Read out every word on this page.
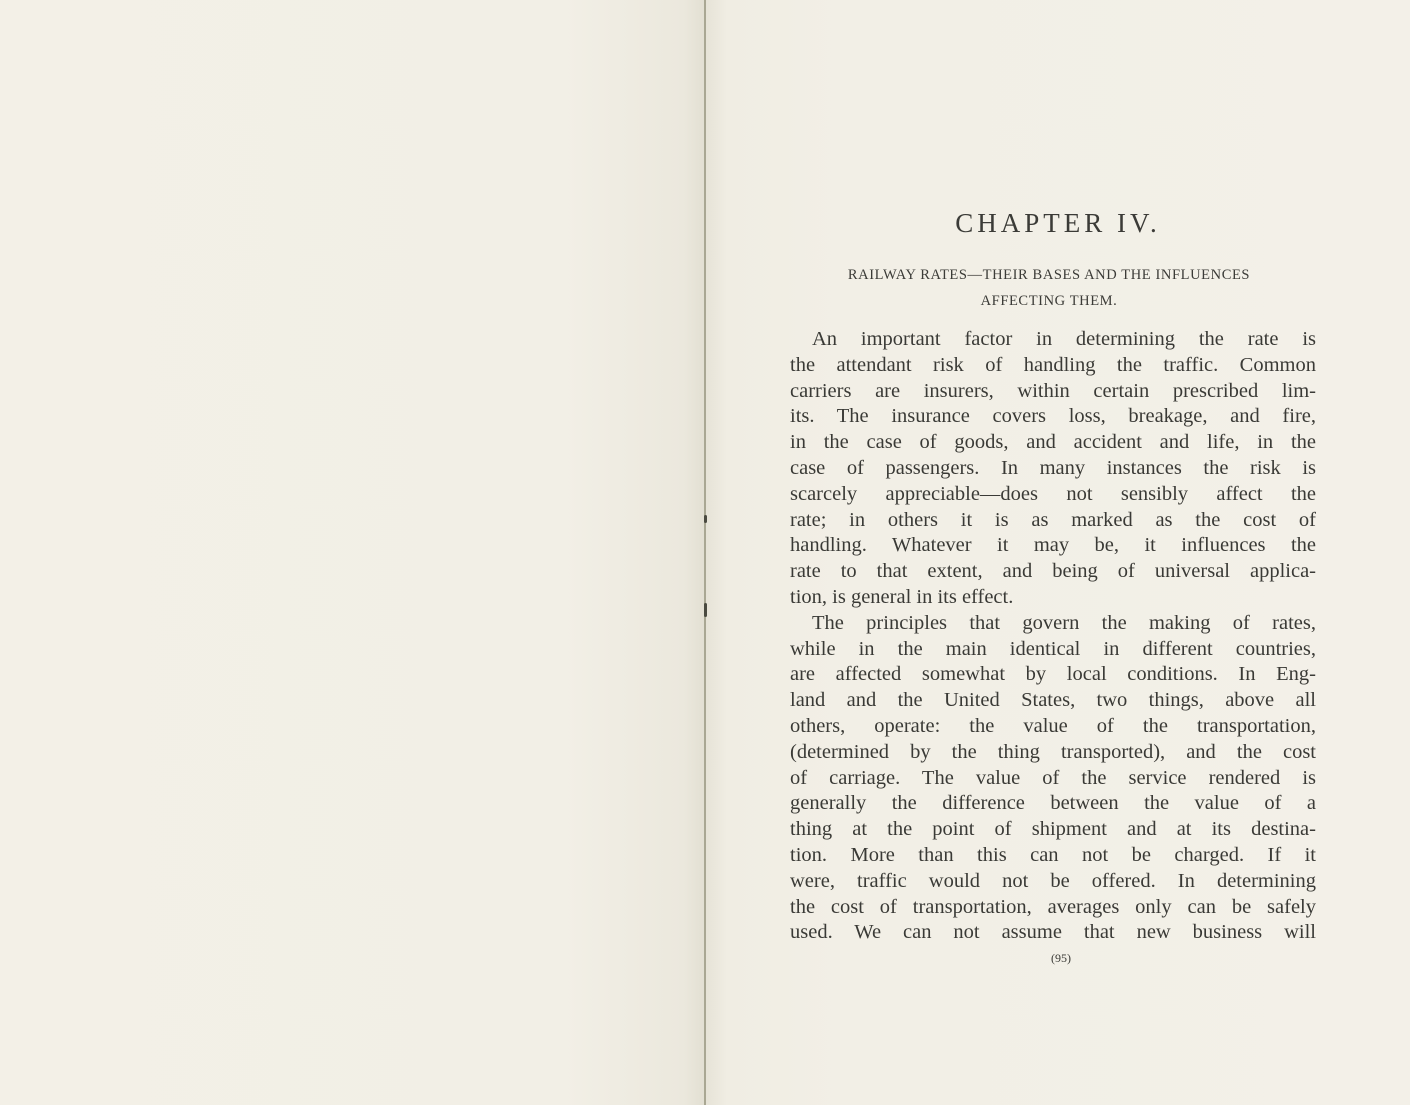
CHAPTER IV.
RAILWAY RATES—THEIR BASES AND THE INFLUENCES
AFFECTING THEM.
An important factor in determining the rate is
the attendant risk of handling the traffic. Common
carriers are insurers, within certain prescribed lim-
its. The insurance covers loss, breakage, and fire,
in the case of goods, and accident and life, in the
case of passengers. In many instances the risk is
scarcely appreciable—does not sensibly affect the
rate; in others it is as marked as the cost of
handling. Whatever it may be, it influences the
rate to that extent, and being of universal applica-
tion, is general in its effect.
The principles that govern the making of rates,
while in the main identical in different countries,
are affected somewhat by local conditions. In Eng-
land and the United States, two things, above all
others, operate: the value of the transportation,
(determined by the thing transported), and the cost
of carriage. The value of the service rendered is
generally the difference between the value of a
thing at the point of shipment and at its destina-
tion. More than this can not be charged. If it
were, traffic would not be offered. In determining
the cost of transportation, averages only can be safely
used. We can not assume that new business will
(95)
